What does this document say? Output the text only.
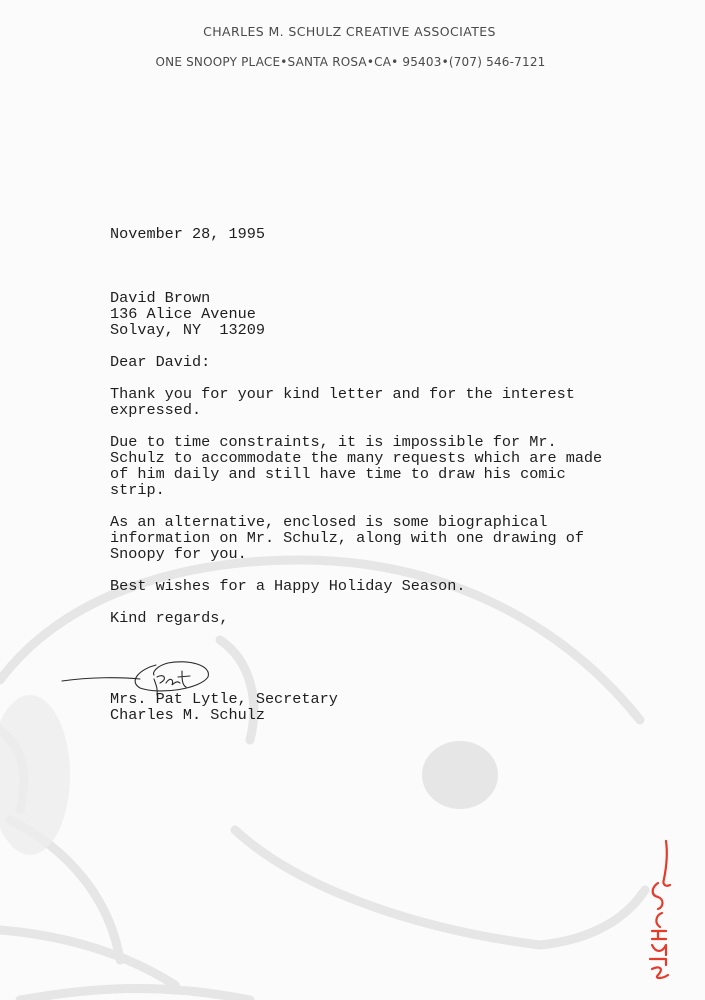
CHARLES M. SCHULZ CREATIVE ASSOCIATES
ONE SNOOPY PLACE•SANTA ROSA•CA• 95403•(707) 546-7121

November 28, 1995

David Brown

136 Alice Avenue

Solvay, NY  13209

Dear David:

Thank you for your kind letter and for the interest
expressed.
Due to time constraints, it is impossible for Mr.
Schulz to accommodate the many requests which are made
of him daily and still have time to draw his comic
strip.
As an alternative, enclosed is some biographical
information on Mr. Schulz, along with one drawing of
Snoopy for you.
Best wishes for a Happy Holiday Season.

Kind regards,

Mrs. Pat Lytle, Secretary

Charles M. Schulz
